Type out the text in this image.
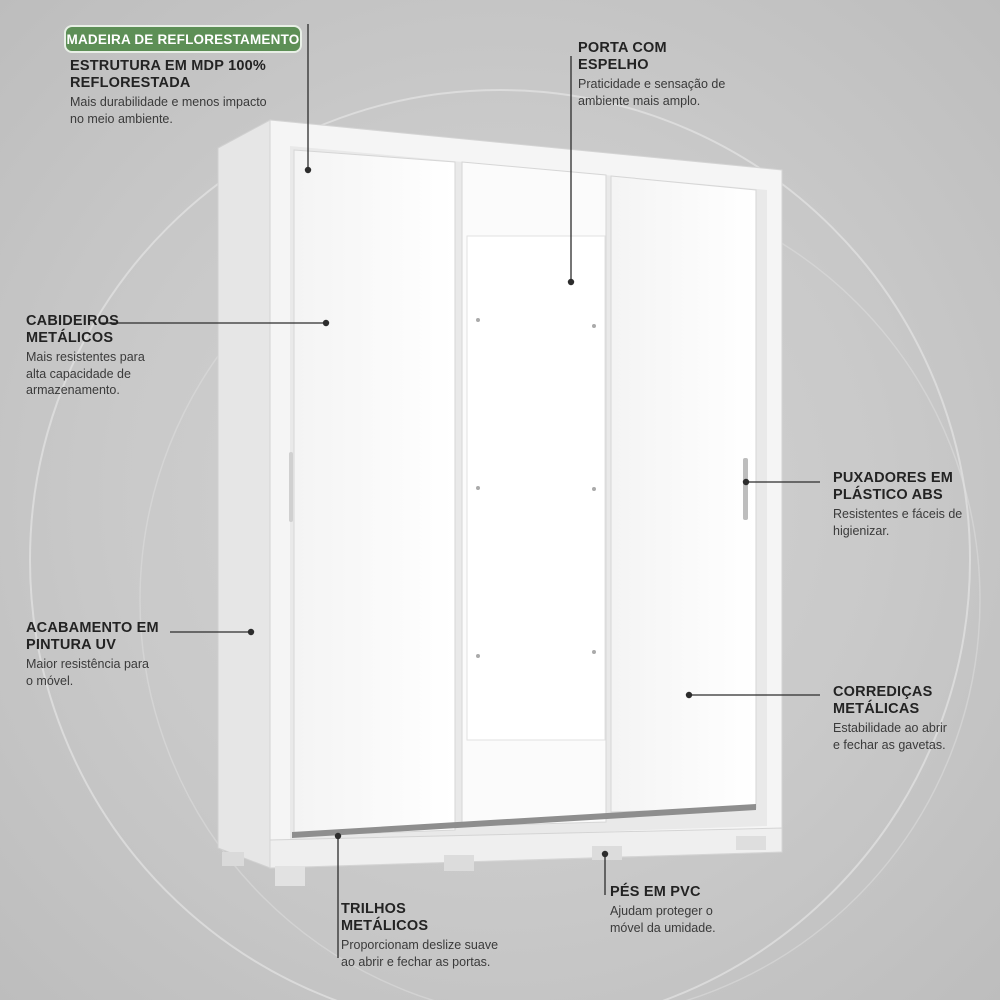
MADEIRA DE REFLORESTAMENTO
ESTRUTURA EM MDP 100%
REFLORESTADA
Mais durabilidade e menos impacto
no meio ambiente.
PORTA COM
ESPELHO
Praticidade e sensação de
ambiente mais amplo.
CABIDEIROS
METÁLICOS
Mais resistentes para
alta capacidade de
armazenamento.
PUXADORES EM
PLÁSTICO ABS
Resistentes e fáceis de
higienizar.
ACABAMENTO EM
PINTURA UV
Maior resistência para
o móvel.
CORREDIÇAS
METÁLICAS
Estabilidade ao abrir
e fechar as gavetas.
TRILHOS
METÁLICOS
Proporcionam deslize suave
ao abrir e fechar as portas.
PÉS EM PVC
Ajudam proteger o
móvel da umidade.
